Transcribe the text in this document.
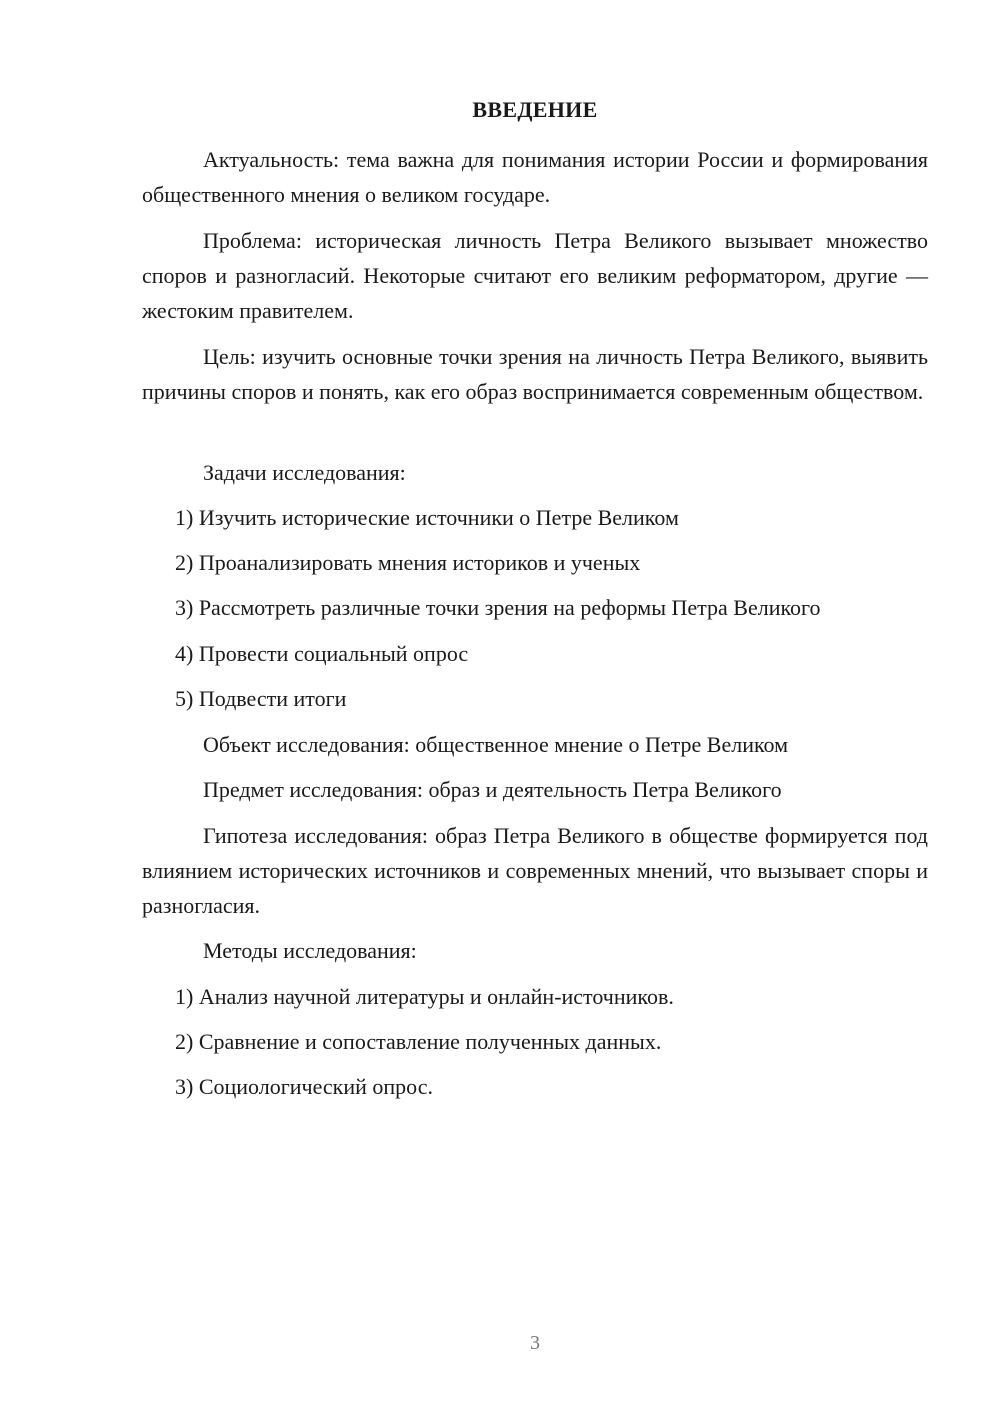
ВВЕДЕНИЕ

Актуальность: тема важна для понимания истории России и формирования общественного мнения о великом государе.

Проблема: историческая личность Петра Великого вызывает множество споров и разногласий. Некоторые считают его великим реформатором, другие — жестоким правителем.

Цель: изучить основные точки зрения на личность Петра Великого, выявить причины споров и понять, как его образ воспринимается современным обществом.

Задачи исследования:

1) Изучить исторические источники о Петре Великом
2) Проанализировать мнения историков и ученых
3) Рассмотреть различные точки зрения на реформы Петра Великого
4) Провести социальный опрос
5) Подвести итоги

Объект исследования: общественное мнение о Петре Великом

Предмет исследования: образ и деятельность Петра Великого

Гипотеза исследования: образ Петра Великого в обществе формируется под влиянием исторических источников и современных мнений, что вызывает споры и разногласия.

Методы исследования:

1) Анализ научной литературы и онлайн-источников.
2) Сравнение и сопоставление полученных данных.
3) Социологический опрос.
3
